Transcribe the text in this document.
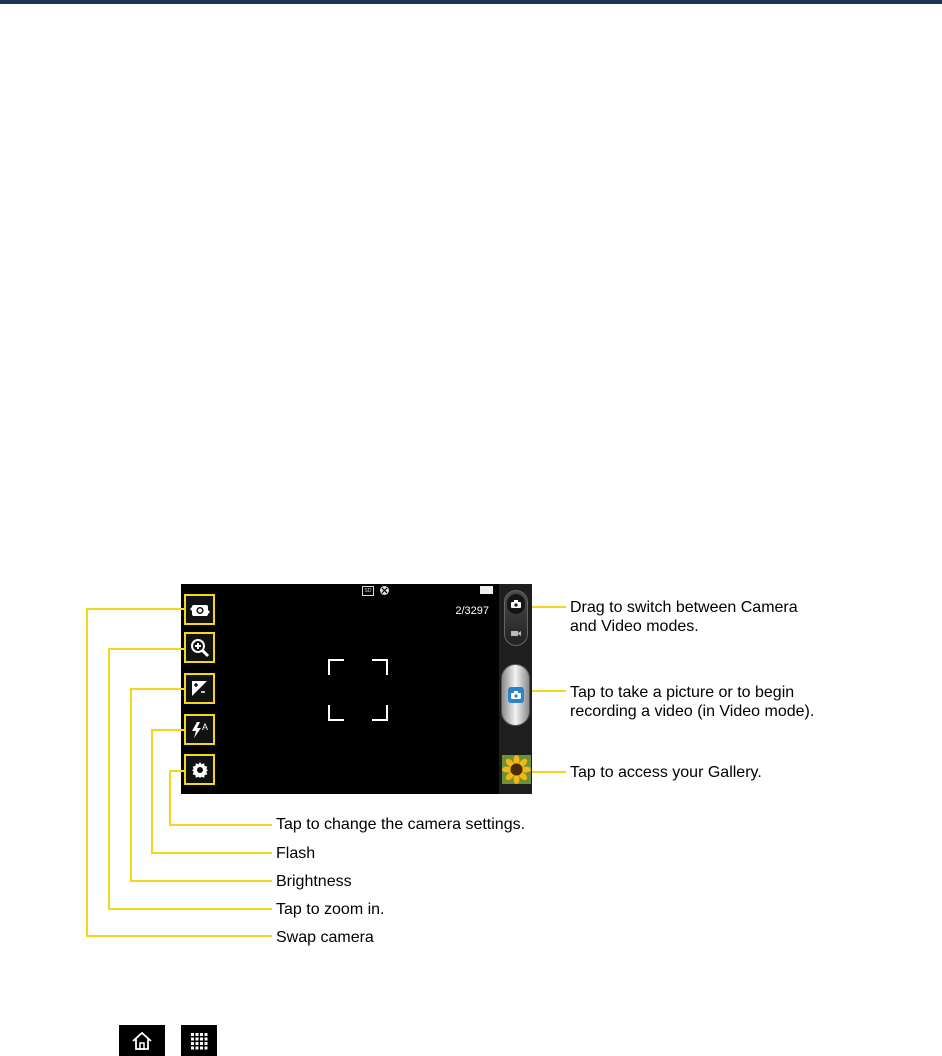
SD
2/3297
A
Drag to switch between Camera
and Video modes.
Tap to take a picture or to begin
recording a video (in Video mode).
Tap to access your Gallery.
Tap to change the camera settings.
Flash
Brightness
Tap to zoom in.
Swap camera
